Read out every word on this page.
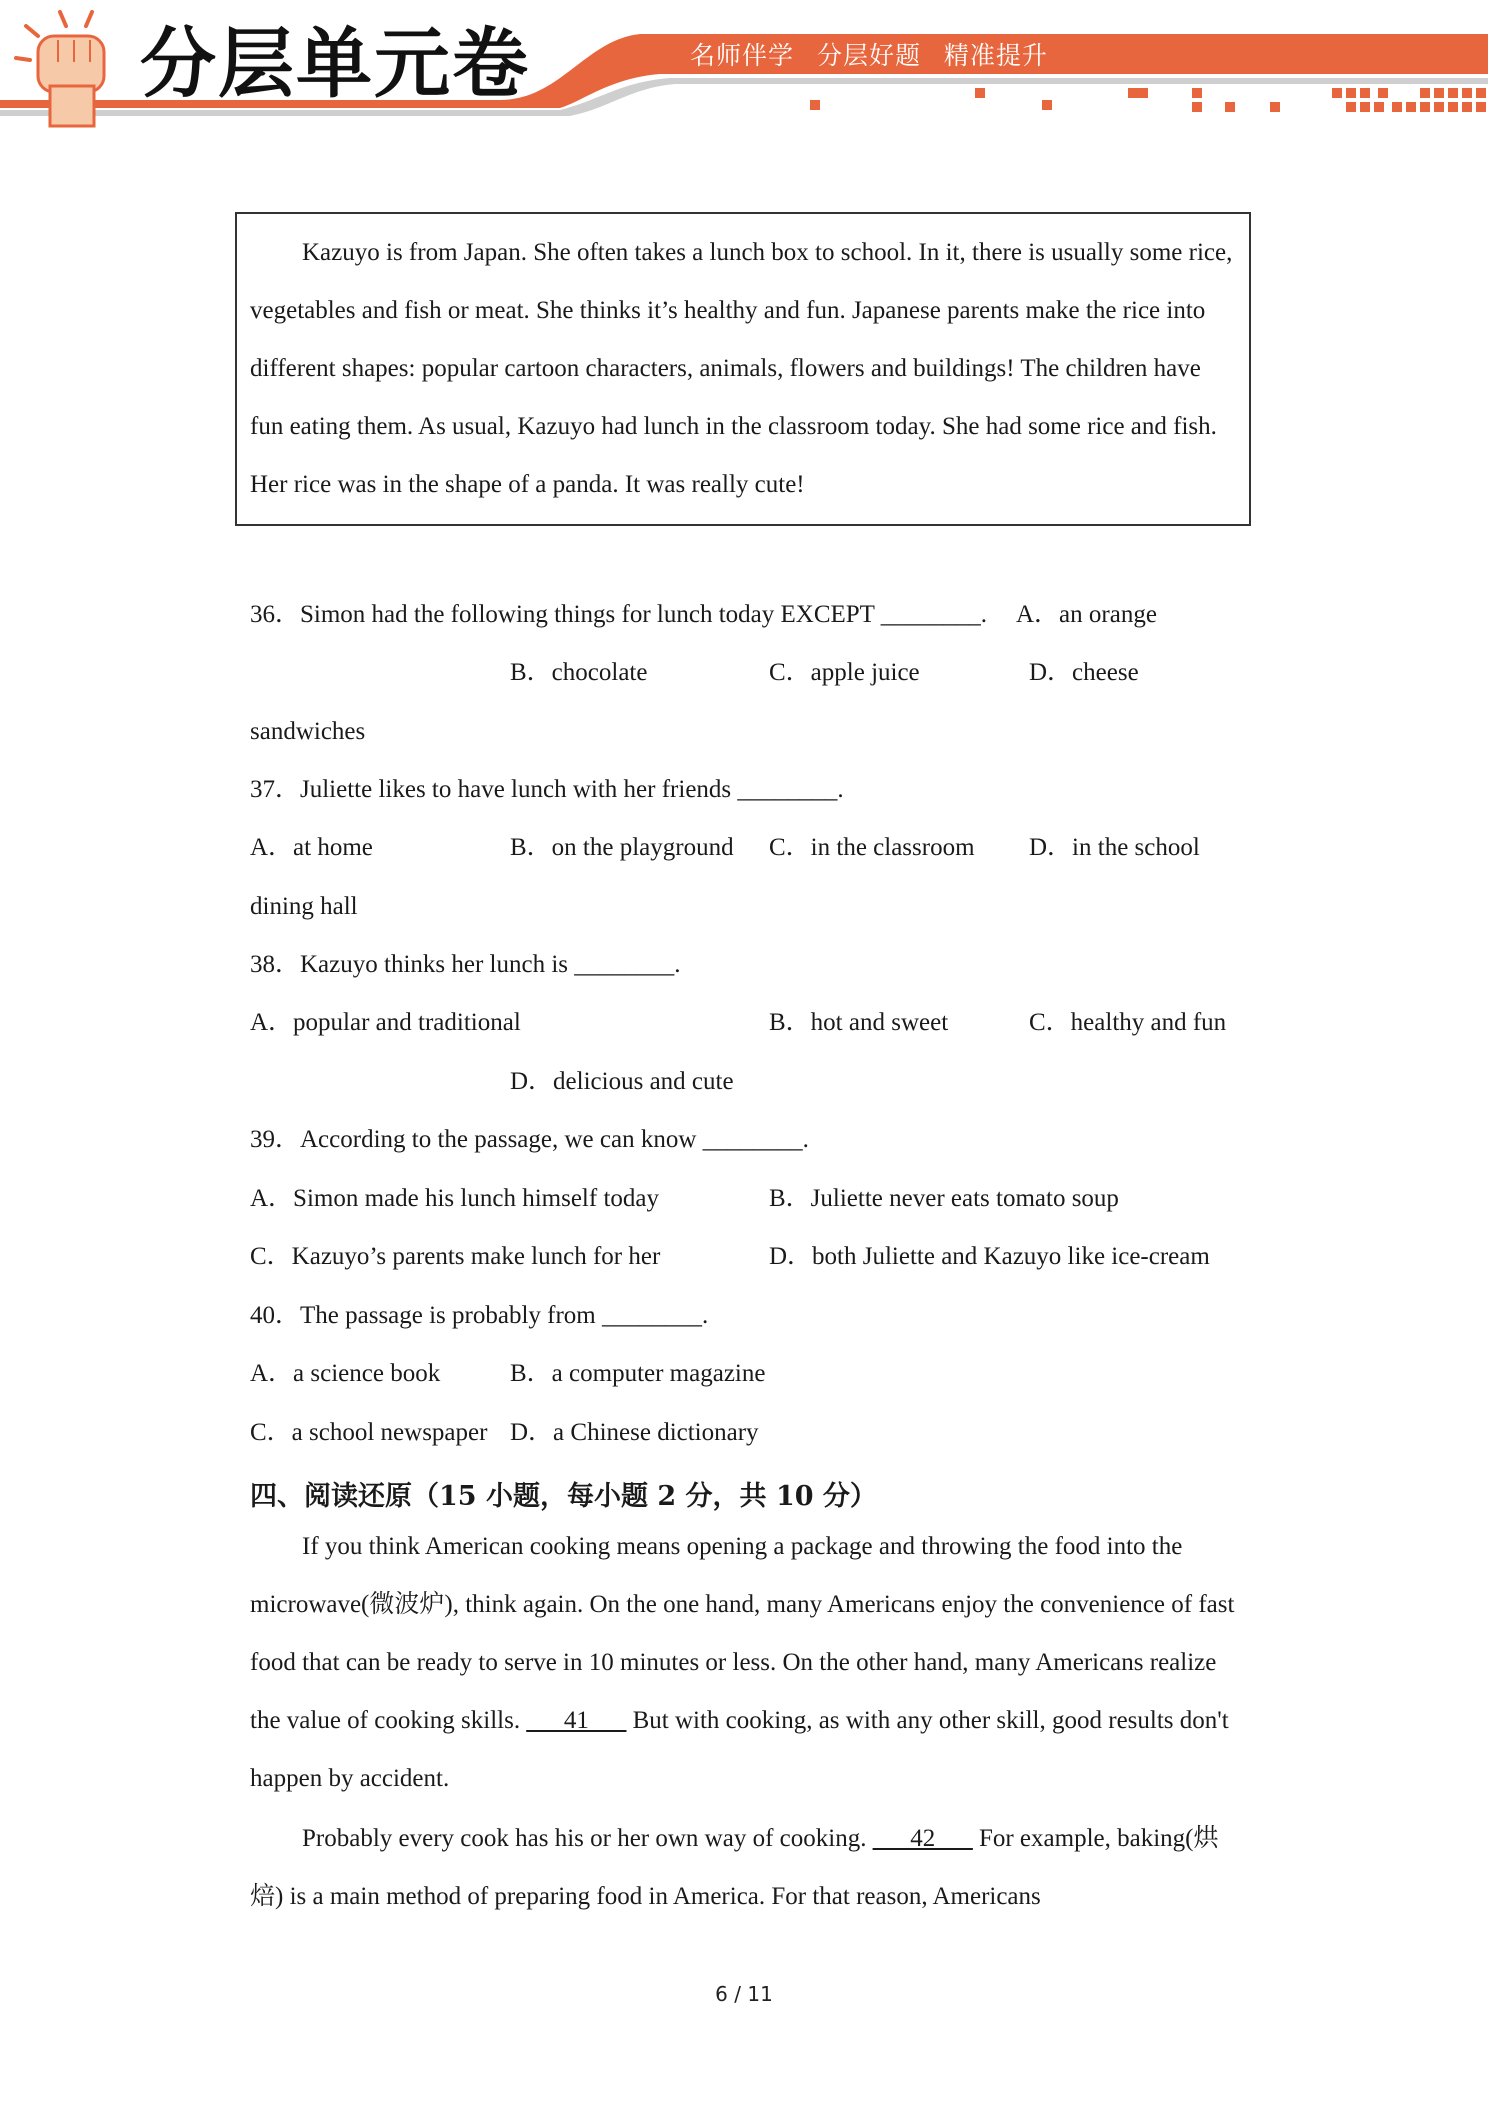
分层单元卷	名师伴学 分层好题 精准提升
Kazuyo is from Japan. She often takes a lunch box to school. In it, there is usually some rice, vegetables and fish or meat. She thinks it’s healthy and fun. Japanese parents make the rice into different shapes: popular cartoon characters, animals, flowers and buildings! The children have fun eating them. As usual, Kazuyo had lunch in the classroom today. She had some rice and fish. Her rice was in the shape of a panda. It was really cute!
36．Simon had the following things for lunch today EXCEPT ________. A．an orange
B．chocolate	C．apple juice	D．cheese
sandwiches
37．Juliette likes to have lunch with her friends ________.
A．at home	B．on the playground C．in the classroom D．in the school
dining hall
38．Kazuyo thinks her lunch is ________.
A．popular and traditional	B．hot and sweet	C．healthy and fun
D．delicious and cute
39．According to the passage, we can know ________.
A．Simon made his lunch himself today	B．Juliette never eats tomato soup
C．Kazuyo’s parents make lunch for her	D．both Juliette and Kazuyo like ice-cream
40．The passage is probably from ________.
A．a science book	B．a computer magazine
C．a school newspaper D．a Chinese dictionary
四、阅读还原（15 小题，每小题 2 分，共 10 分）
If you think American cooking means opening a package and throwing the food into the microwave(微波炉), think again. On the one hand, many Americans enjoy the convenience of fast food that can be ready to serve in 10 minutes or less. On the other hand, many Americans realize the value of cooking skills. ___41___ But with cooking, as with any other skill, good results don't happen by accident.
Probably every cook has his or her own way of cooking. ___42___ For example, baking(烘焙) is a main method of preparing food in America. For that reason, Americans
6 / 11
